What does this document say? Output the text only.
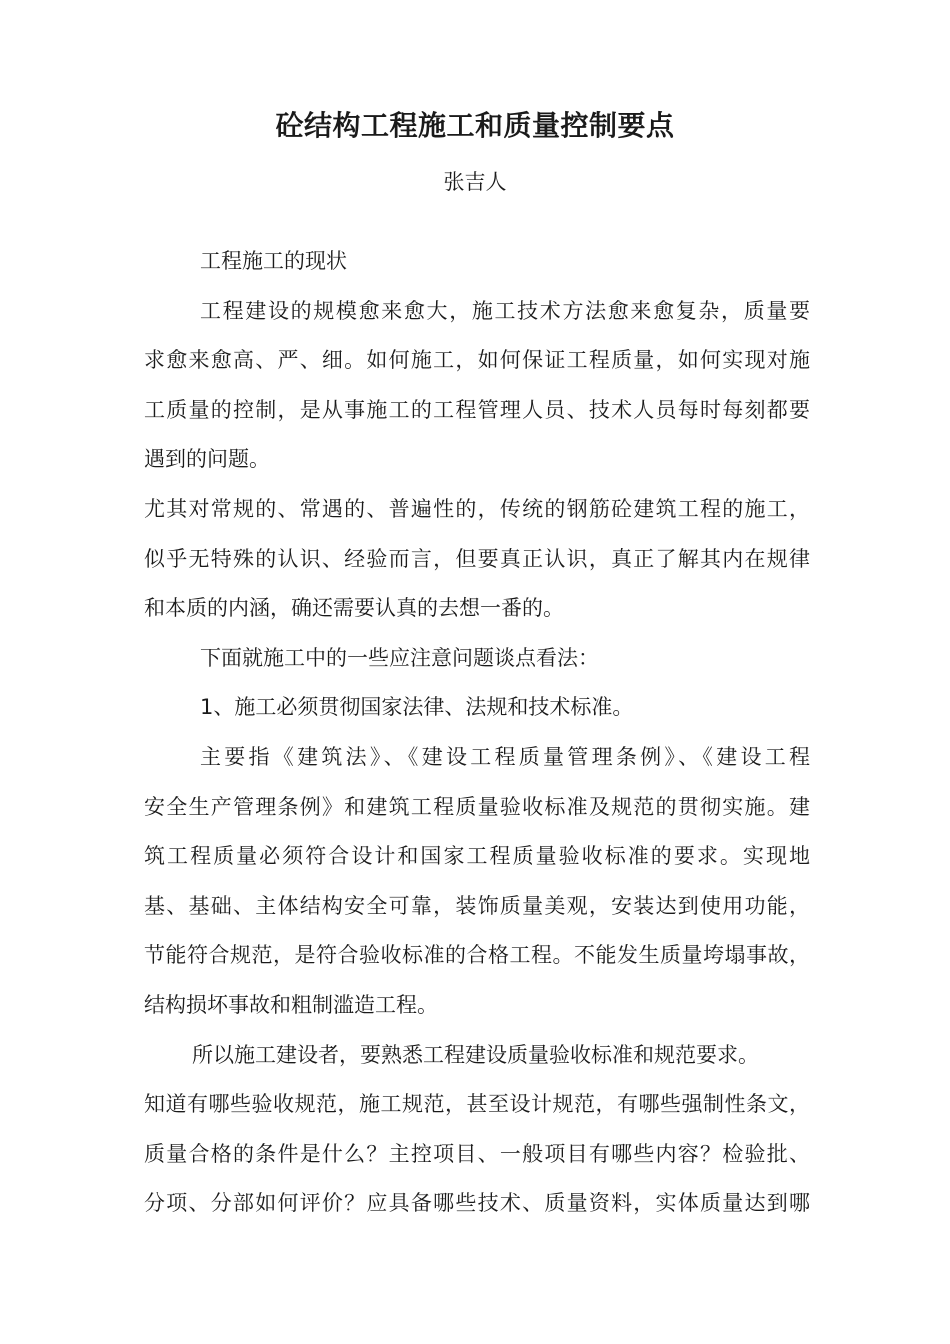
砼结构工程施工和质量控制要点
张吉人
工程施工的现状
工程建设的规模愈来愈大，施工技术方法愈来愈复杂，质量要
求愈来愈高、严、细。如何施工，如何保证工程质量，如何实现对施
工质量的控制，是从事施工的工程管理人员、技术人员每时每刻都要
遇到的问题。
尤其对常规的、常遇的、普遍性的，传统的钢筋砼建筑工程的施工，
似乎无特殊的认识、经验而言，但要真正认识，真正了解其内在规律
和本质的内涵，确还需要认真的去想一番的。
下面就施工中的一些应注意问题谈点看法：
1、施工必须贯彻国家法律、法规和技术标准。
主要指《建筑法》、《建设工程质量管理条例》、《建设工程
安全生产管理条例》和建筑工程质量验收标准及规范的贯彻实施。建
筑工程质量必须符合设计和国家工程质量验收标准的要求。实现地
基、基础、主体结构安全可靠，装饰质量美观，安装达到使用功能，
节能符合规范，是符合验收标准的合格工程。不能发生质量垮塌事故，
结构损坏事故和粗制滥造工程。
所以施工建设者，要熟悉工程建设质量验收标准和规范要求。
知道有哪些验收规范，施工规范，甚至设计规范，有哪些强制性条文，
质量合格的条件是什么？主控项目、一般项目有哪些内容？检验批、
分项、分部如何评价？应具备哪些技术、质量资料，实体质量达到哪
